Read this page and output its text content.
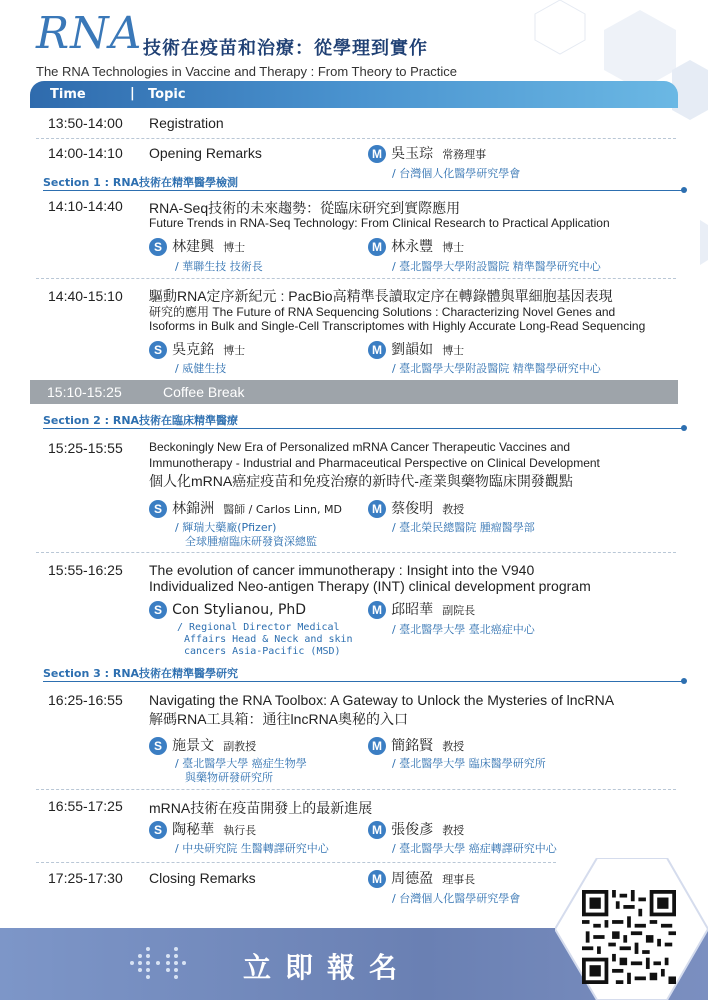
RNA 技術在疫苗和治療：從學理到實作
The RNA Technologies in Vaccine and Therapy : From Theory to Practice
Time	| Topic
13:50-14:00 Registration
14:00-14:10 Opening Remarks	M 吳玉琮 常務理事
/ 台灣個人化醫學研究學會
Section 1 : RNA技術在精準醫學檢測
14:10-14:40 RNA-Seq技術的未來趨勢：從臨床研究到實際應用
Future Trends in RNA-Seq Technology: From Clinical Research to Practical Application
S 林建興 博士
/ 華聯生技 技術長
M 林永豐 博士
/ 臺北醫學大學附設醫院 精準醫學研究中心
14:40-15:10 驅動RNA定序新紀元 : PacBio高精準長讀取定序在轉錄體與單細胞基因表現
研究的應用 The Future of RNA Sequencing Solutions : Characterizing Novel Genes and
Isoforms in Bulk and Single-Cell Transcriptomes with Highly Accurate Long-Read Sequencing
S 吳克銘 博士
/ 威健生技
M 劉韻如 博士
/ 臺北醫學大學附設醫院 精準醫學研究中心
15:10-15:25	Coffee Break
Section 2 : RNA技術在臨床精準醫療
15:25-15:55 Beckoningly New Era of Personalized mRNA Cancer Therapeutic Vaccines and
Immunotherapy - Industrial and Pharmaceutical Perspective on Clinical Development
個人化mRNA癌症疫苗和免疫治療的新時代-產業與藥物臨床開發觀點
S 林錦洲 醫師 / Carlos Linn, MD
/ 輝瑞大藥廠(Pfizer)
全球腫瘤臨床研發資深總監
M 蔡俊明 教授
/ 臺北榮民總醫院 腫瘤醫學部
15:55-16:25 The evolution of cancer immunotherapy : Insight into the V940
Individualized Neo-antigen Therapy (INT) clinical development program
S Con Stylianou, PhD
/ Regional Director Medical
Affairs Head & Neck and skin
cancers Asia-Pacific (MSD)
M 邱昭華 副院長
/ 臺北醫學大學 臺北癌症中心
Section 3 : RNA技術在精準醫學研究
16:25-16:55 Navigating the RNA Toolbox: A Gateway to Unlock the Mysteries of lncRNA
解碼RNA工具箱：通往lncRNA奧秘的入口
S 施景文 副教授
/ 臺北醫學大學 癌症生物學
與藥物研發研究所
M 簡銘賢 教授
/ 臺北醫學大學 臨床醫學研究所
16:55-17:25 mRNA技術在疫苗開發上的最新進展
S 陶秘華 執行長
/ 中央研究院 生醫轉譯研究中心
M 張俊彥 教授
/ 臺北醫學大學 癌症轉譯研究中心
17:25-17:30 Closing Remarks	M 周德盈 理事長
/ 台灣個人化醫學研究學會
立即報名
